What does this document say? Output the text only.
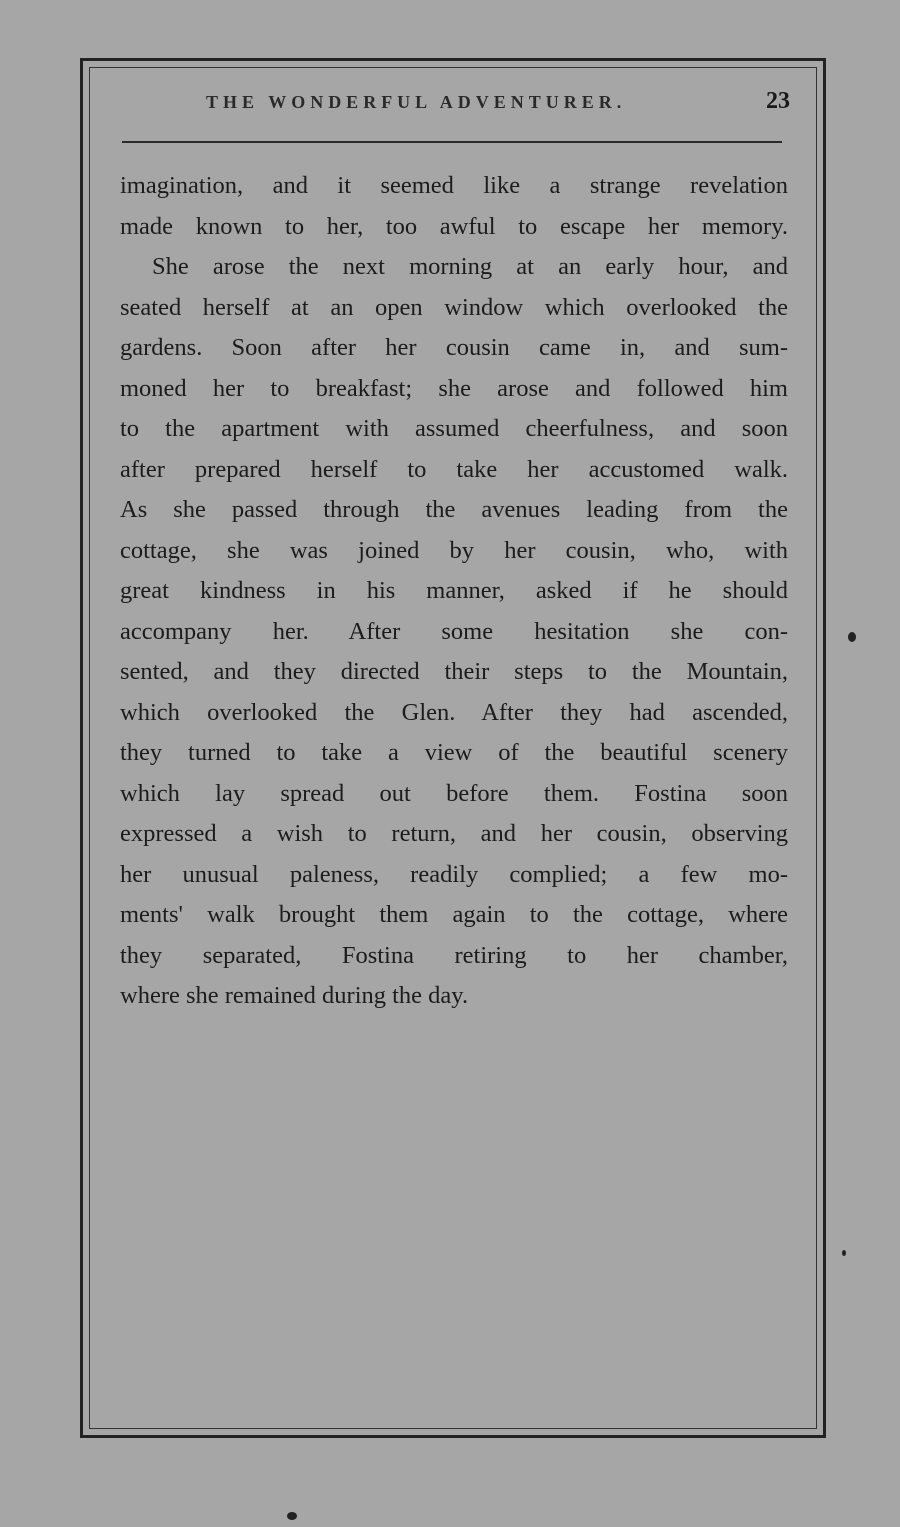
THE WONDERFUL ADVENTURER.	23
imagination, and it seemed like a strange revelation
made known to her, too awful to escape her memory.
She arose the next morning at an early hour, and
seated herself at an open window which overlooked the
gardens. Soon after her cousin came in, and sum-
moned her to breakfast; she arose and followed him
to the apartment with assumed cheerfulness, and soon
after prepared herself to take her accustomed walk.
As she passed through the avenues leading from the
cottage, she was joined by her cousin, who, with
great kindness in his manner, asked if he should
accompany her. After some hesitation she con-
sented, and they directed their steps to the Mountain,
which overlooked the Glen. After they had ascended,
they turned to take a view of the beautiful scenery
which lay spread out before them. Fostina soon
expressed a wish to return, and her cousin, observing
her unusual paleness, readily complied; a few mo-
ments' walk brought them again to the cottage, where
they separated, Fostina retiring to her chamber,
where she remained during the day.
